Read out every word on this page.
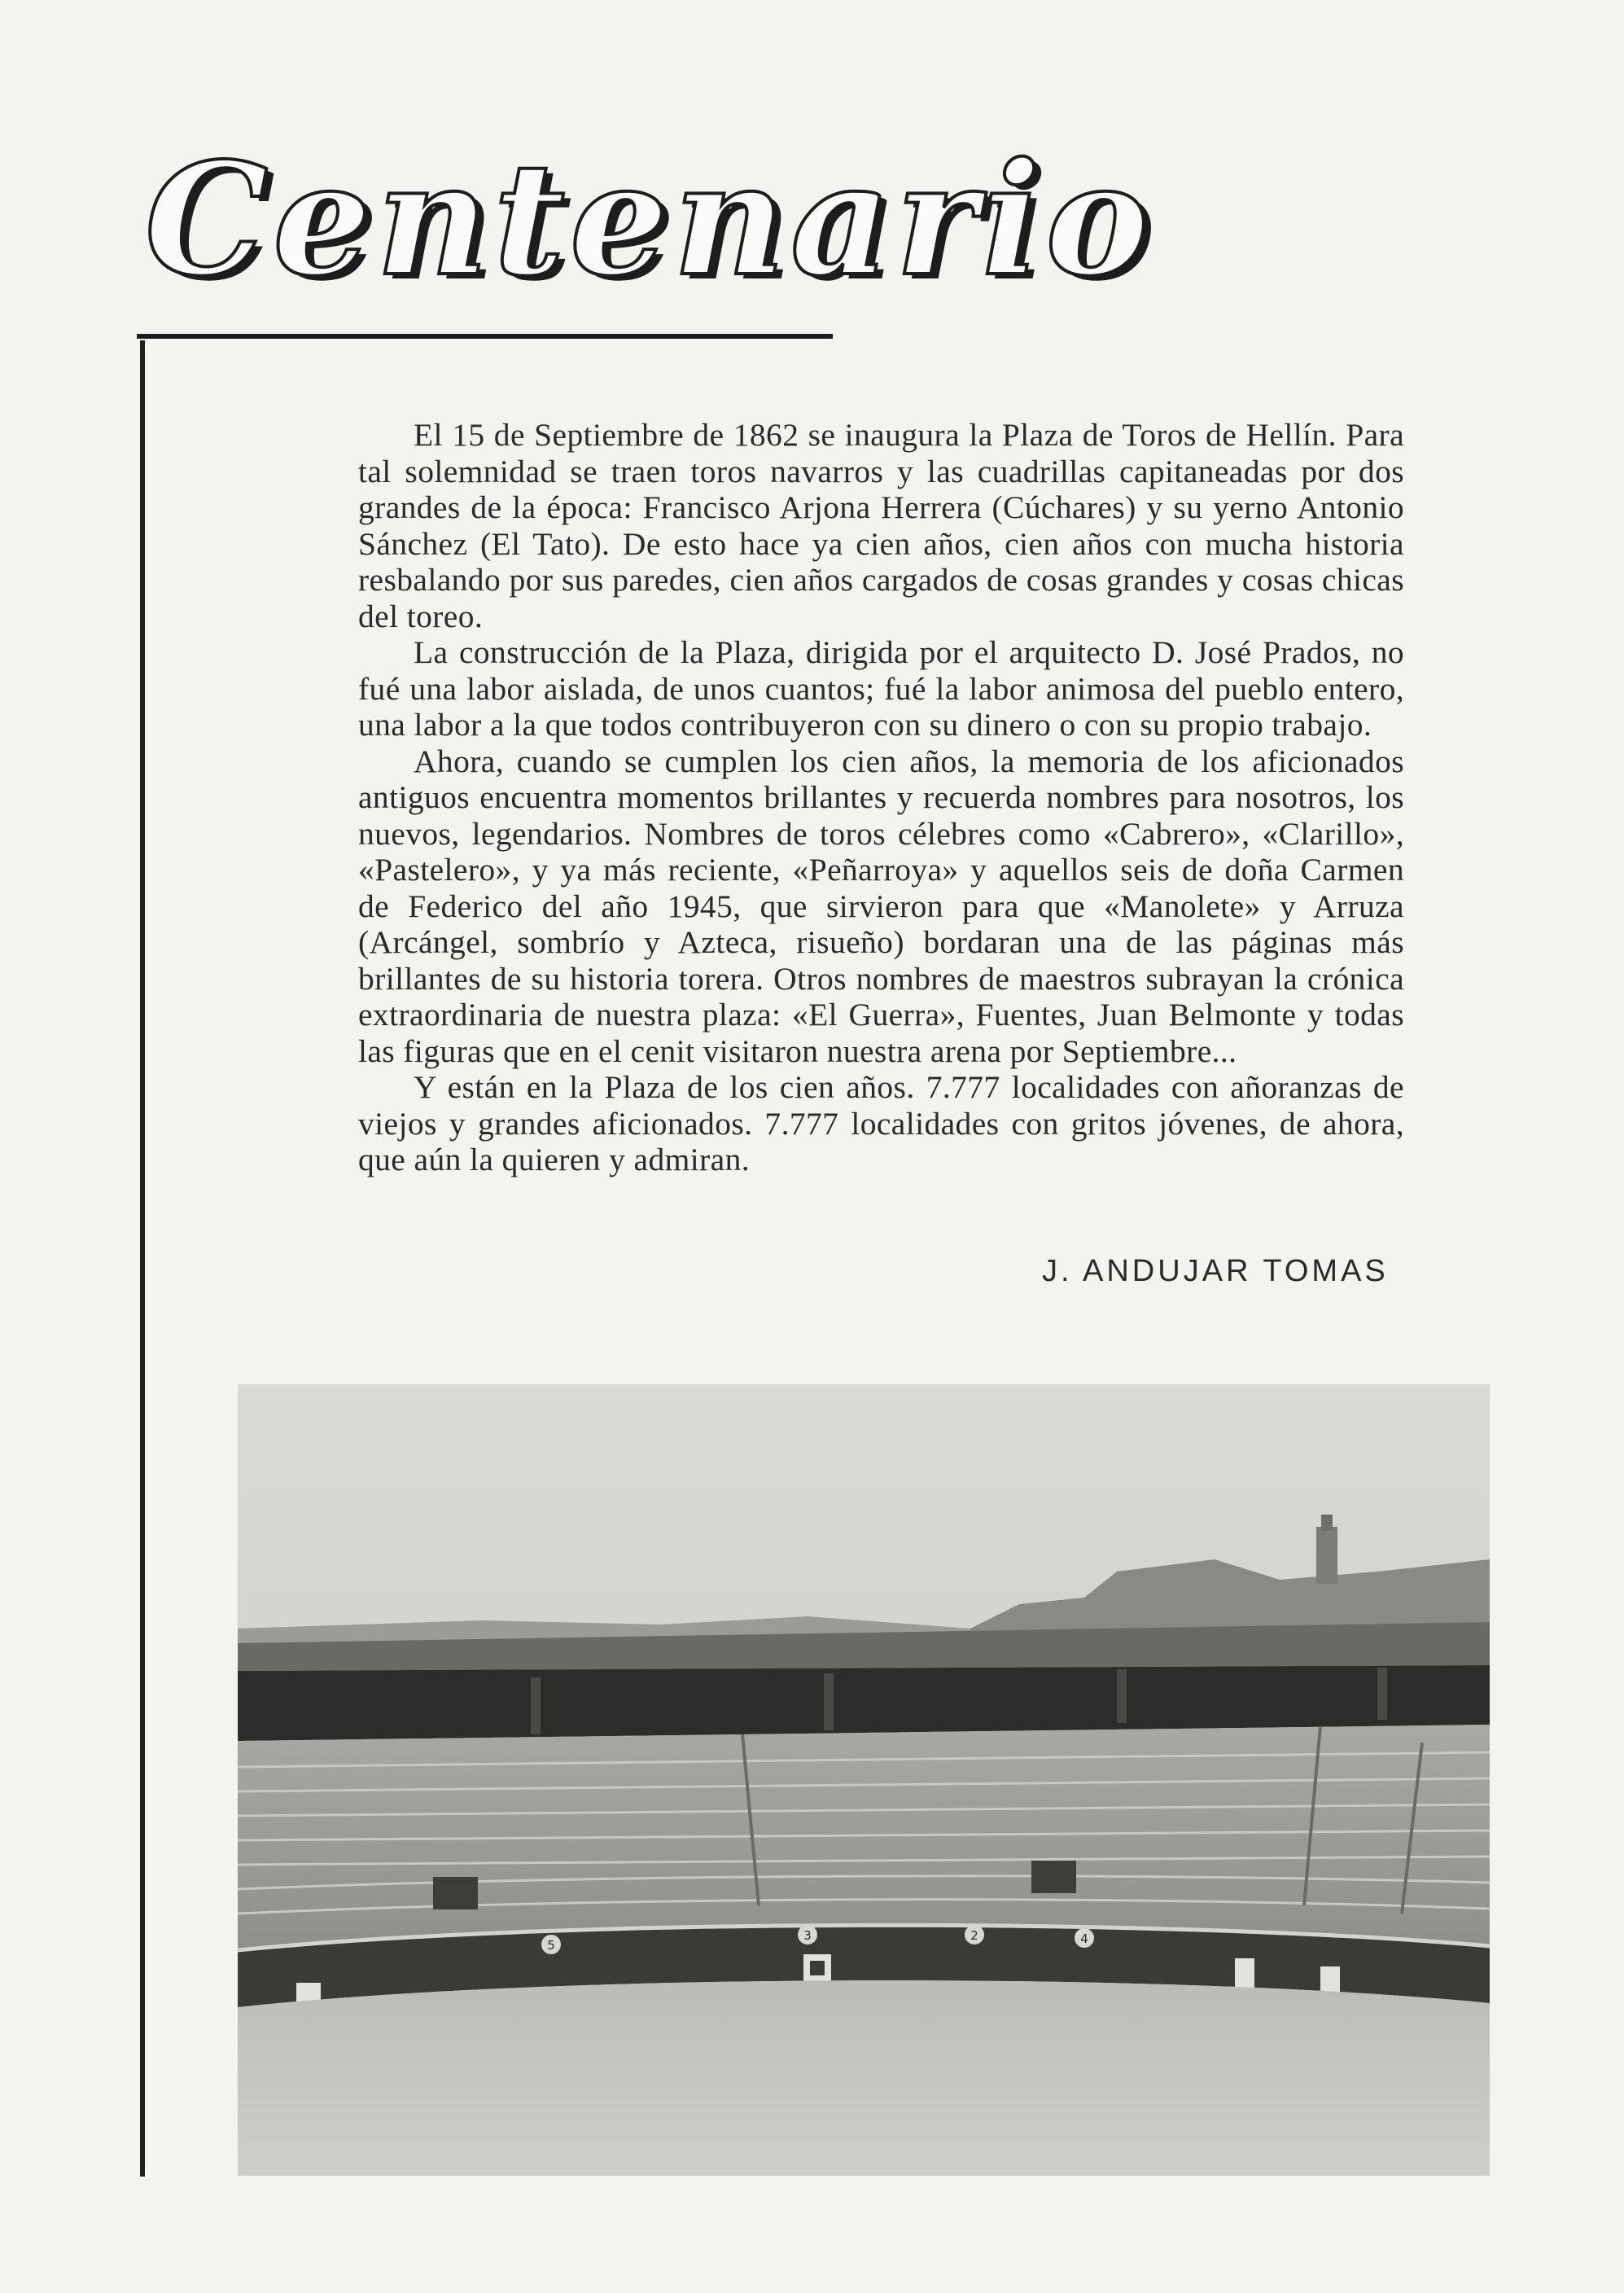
Centenario

El 15 de Septiembre de 1862 se inaugura la Plaza de Toros de Hellín. Para tal solemnidad se traen toros navarros y las cuadrillas capitaneadas por dos grandes de la época: Francisco Arjona Herrera (Cúchares) y su yerno Antonio Sánchez (El Tato). De esto hace ya cien años, cien años con mucha historia resbalando por sus paredes, cien años cargados de cosas grandes y cosas chicas del toreo.

La construcción de la Plaza, dirigida por el arquitecto D. José Prados, no fué una labor aislada, de unos cuantos; fué la labor animosa del pueblo entero, una labor a la que todos contribuyeron con su dinero o con su propio trabajo.

Ahora, cuando se cumplen los cien años, la memoria de los aficionados antiguos encuentra momentos brillantes y recuerda nombres para nosotros, los nuevos, legendarios. Nombres de toros célebres como «Cabrero», «Clarillo», «Pastelero», y ya más reciente, «Peñarroya» y aquellos seis de doña Carmen de Federico del año 1945, que sirvieron para que «Manolete» y Arruza (Arcángel, sombrío y Azteca, risueño) bordaran una de las páginas más brillantes de su historia torera. Otros nombres de maestros subrayan la crónica extraordinaria de nuestra plaza: «El Guerra», Fuentes, Juan Belmonte y todas las figuras que en el cenit visitaron nuestra arena por Septiembre...

Y están en la Plaza de los cien años. 7.777 localidades con añoranzas de viejos y grandes aficionados. 7.777 localidades con gritos jóvenes, de ahora, que aún la quieren y admiran.

J. ANDUJAR TOMAS
5
3	2	4
